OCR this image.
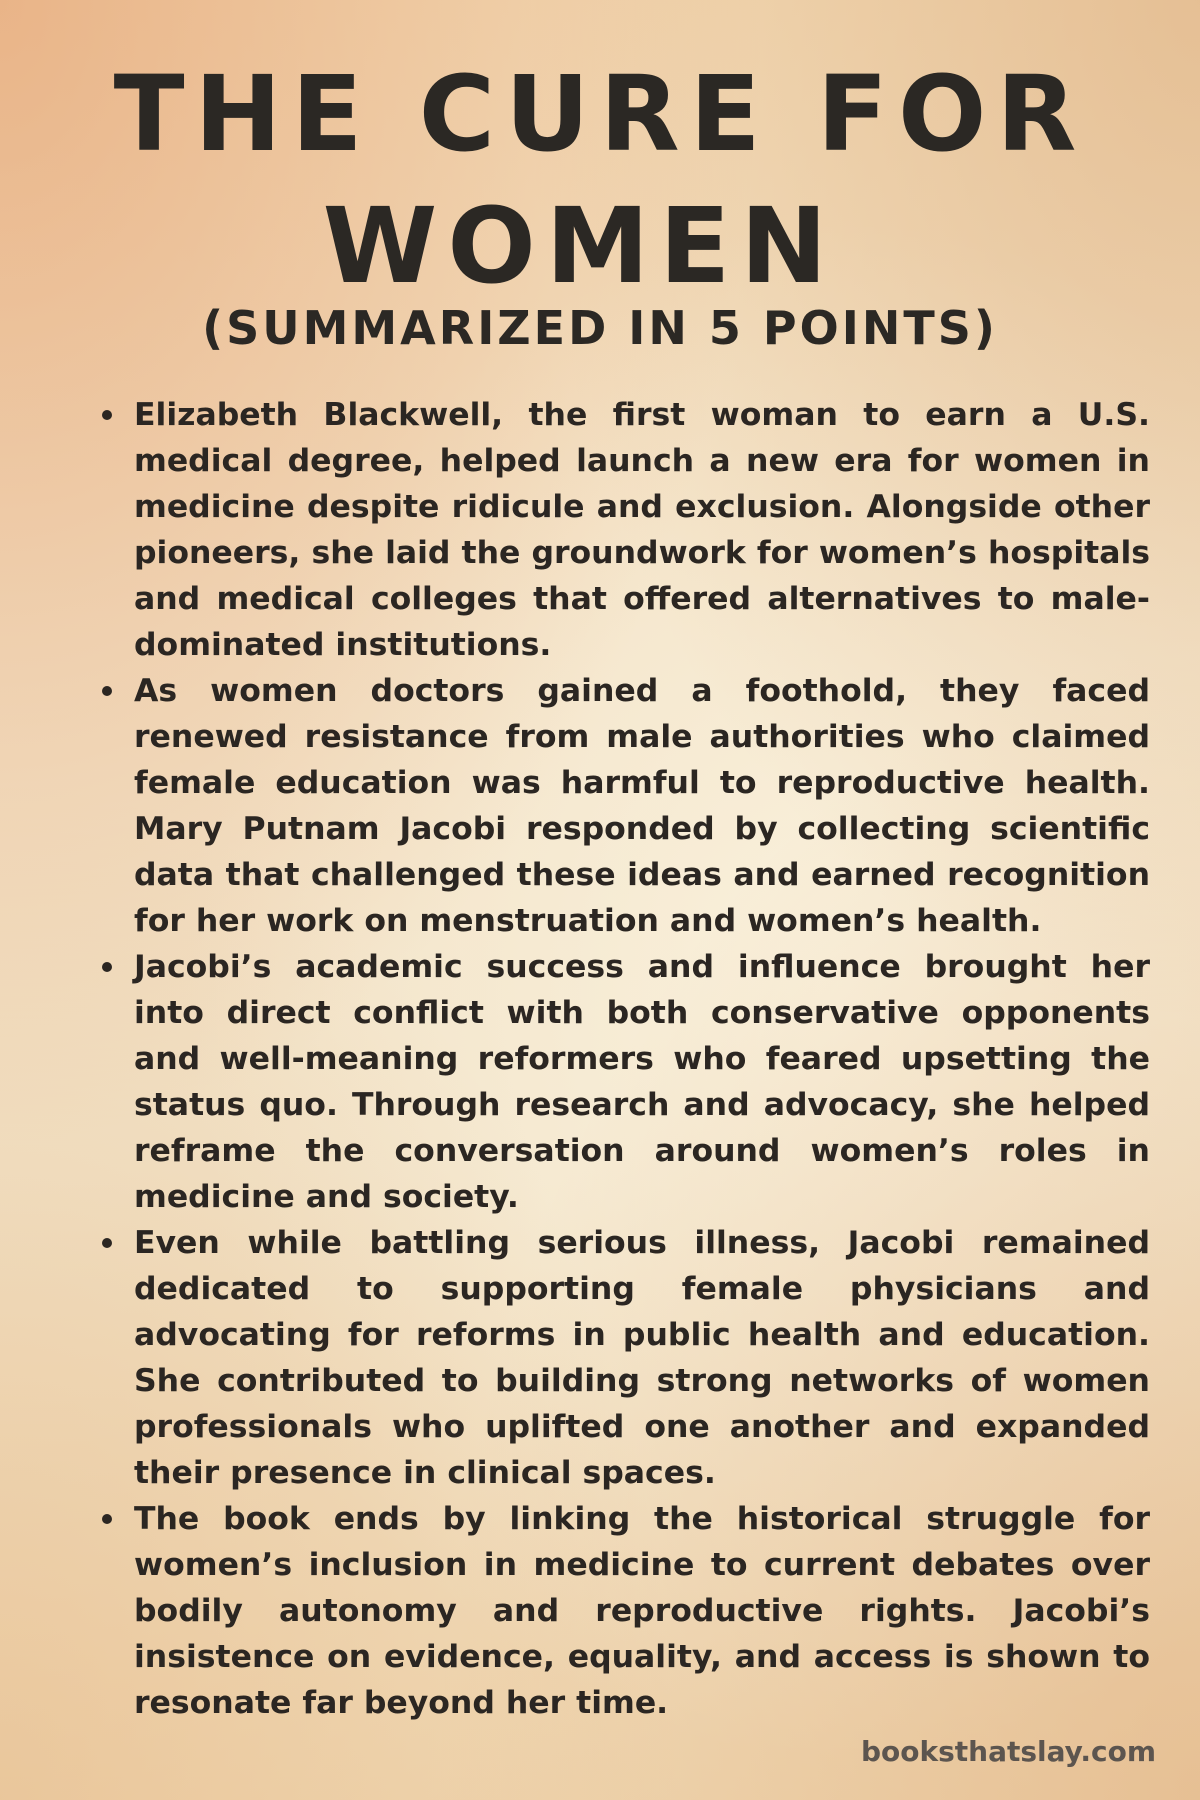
THE CURE FOR
WOMEN
(SUMMARIZED IN 5 POINTS)
Elizabeth Blackwell, the first woman to earn a U.S. medical degree, helped launch a new era for women in medicine despite ridicule and exclusion. Alongside other pioneers, she laid the groundwork for women’s hospitals and medical colleges that offered alternatives to male-dominated institutions.
As women doctors gained a foothold, they faced renewed resistance from male authorities who claimed female education was harmful to reproductive health. Mary Putnam Jacobi responded by collecting scientific data that challenged these ideas and earned recognition for her work on menstruation and women’s health.
Jacobi’s academic success and influence brought her into direct conflict with both conservative opponents and well-meaning reformers who feared upsetting the status quo. Through research and advocacy, she helped reframe the conversation around women’s roles in medicine and society.
Even while battling serious illness, Jacobi remained dedicated to supporting female physicians and advocating for reforms in public health and education. She contributed to building strong networks of women professionals who uplifted one another and expanded their presence in clinical spaces.
The book ends by linking the historical struggle for women’s inclusion in medicine to current debates over bodily autonomy and reproductive rights. Jacobi’s insistence on evidence, equality, and access is shown to resonate far beyond her time.
booksthatslay.com
